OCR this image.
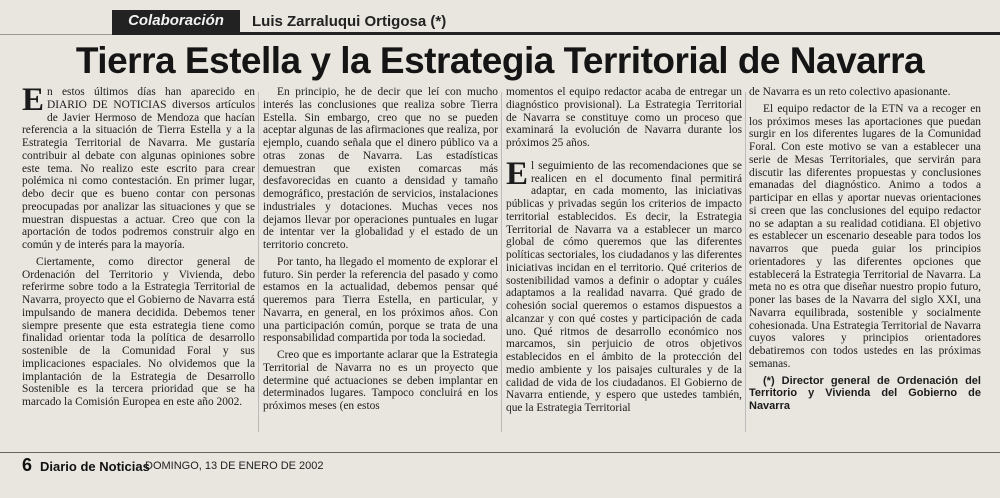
Colaboración	Luis Zarraluqui Ortigosa (*)
Tierra Estella y la Estrategia Territorial de Navarra

En estos últimos días han aparecido en DIARIO DE NOTICIAS diversos artículos de Javier Hermoso de Mendoza que hacían referencia a la situación de Tierra Estella y a la Estrategia Territorial de Navarra. Me gustaría contribuir al debate con algunas opiniones sobre este tema. No realizo este escrito para crear polémica ni como contestación. En primer lugar, debo decir que es bueno contar con personas preocupadas por analizar las situaciones y que se muestran dispuestas a actuar. Creo que con la aportación de todos podremos construir algo en común y de interés para la mayoría.

Ciertamente, como director general de Ordenación del Territorio y Vivienda, debo referirme sobre todo a la Estrategia Territorial de Navarra, proyecto que el Gobierno de Navarra está impulsando de manera decidida. Debemos tener siempre presente que esta estrategia tiene como finalidad orientar toda la política de desarrollo sostenible de la Comunidad Foral y sus implicaciones espaciales. No olvidemos que la implantación de la Estrategia de Desarrollo Sostenible es la tercera prioridad que se ha marcado la Comisión Europea en este año 2002.

En principio, he de decir que leí con mucho interés las conclusiones que realiza sobre Tierra Estella. Sin embargo, creo que no se pueden aceptar algunas de las afirmaciones que realiza, por ejemplo, cuando señala que el dinero público va a otras zonas de Navarra. Las estadísticas demuestran que existen comarcas más desfavorecidas en cuanto a densidad y tamaño demográfico, prestación de servicios, instalaciones industriales y dotaciones. Muchas veces nos dejamos llevar por operaciones puntuales en lugar de intentar ver la globalidad y el estado de un territorio concreto.

Por tanto, ha llegado el momento de explorar el futuro. Sin perder la referencia del pasado y como estamos en la actualidad, debemos pensar qué queremos para Tierra Estella, en particular, y Navarra, en general, en los próximos años. Con una participación común, porque se trata de una responsabilidad compartida por toda la sociedad.

Creo que es importante aclarar que la Estrategia Territorial de Navarra no es un proyecto que determine qué actuaciones se deben implantar en determinados lugares. Tampoco concluirá en los próximos meses (en estos

momentos el equipo redactor acaba de entregar un diagnóstico provisional). La Estrategia Territorial de Navarra se constituye como un proceso que examinará la evolución de Navarra durante los próximos 25 años.

El seguimiento de las recomendaciones que se realicen en el documento final permitirá adaptar, en cada momento, las iniciativas públicas y privadas según los criterios de impacto territorial establecidos. Es decir, la Estrategia Territorial de Navarra va a establecer un marco global de cómo queremos que las diferentes políticas sectoriales, los ciudadanos y las diferentes iniciativas incidan en el territorio. Qué criterios de sostenibilidad vamos a definir o adoptar y cuáles adaptamos a la realidad navarra. Qué grado de cohesión social queremos o estamos dispuestos a alcanzar y con qué costes y participación de cada uno. Qué ritmos de desarrollo económico nos marcamos, sin perjuicio de otros objetivos establecidos en el ámbito de la protección del medio ambiente y los paisajes culturales y de la calidad de vida de los ciudadanos. El Gobierno de Navarra entiende, y espero que ustedes también, que la Estrategia Territorial

de Navarra es un reto colectivo apasionante.

El equipo redactor de la ETN va a recoger en los próximos meses las aportaciones que puedan surgir en los diferentes lugares de la Comunidad Foral. Con este motivo se van a establecer una serie de Mesas Territoriales, que servirán para discutir las diferentes propuestas y conclusiones emanadas del diagnóstico. Animo a todos a participar en ellas y aportar nuevas orientaciones si creen que las conclusiones del equipo redactor no se adaptan a su realidad cotidiana. El objetivo es establecer un escenario deseable para todos los navarros que pueda guiar los principios orientadores y las diferentes opciones que establecerá la Estrategia Territorial de Navarra. La meta no es otra que diseñar nuestro propio futuro, poner las bases de la Navarra del siglo XXI, una Navarra equilibrada, sostenible y socialmente cohesionada. Una Estrategia Territorial de Navarra cuyos valores y principios orientadores debatiremos con todos ustedes en las próximas semanas.

(*) Director general de Ordenación del Territorio y Vivienda del Gobierno de Navarra

6 Diario de Noticias
DOMINGO, 13 DE ENERO DE 2002
